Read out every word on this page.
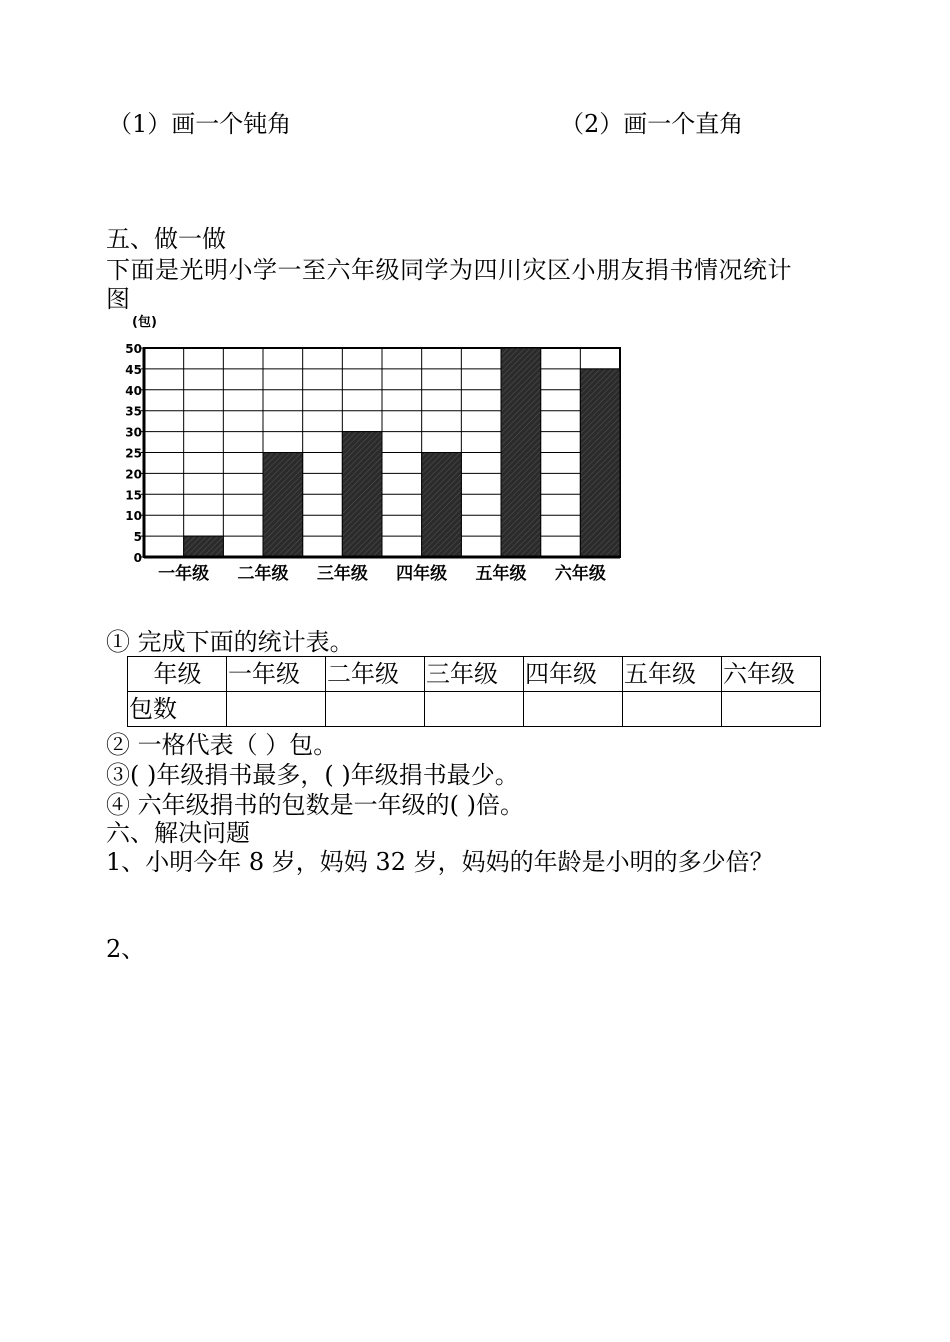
（1）画一个钝角	（2）画一个直角
五、做一做
下面是光明小学一至六年级同学为四川灾区小朋友捐书情况统计
图
0
5
10
15
20
25
30
35
40
45
50
(包)
一年级 二年级 三年级 四年级 五年级 六年级
① 完成下面的统计表。
年级	一年级	二年级	三年级	四年级	五年级	六年级
包数						
② 一格代表（ ）包。
③( )年级捐书最多，( )年级捐书最少。
④ 六年级捐书的包数是一年级的( )倍。
六、解决问题
1、小明今年 8 岁，妈妈 32 岁，妈妈的年龄是小明的多少倍？
2、
